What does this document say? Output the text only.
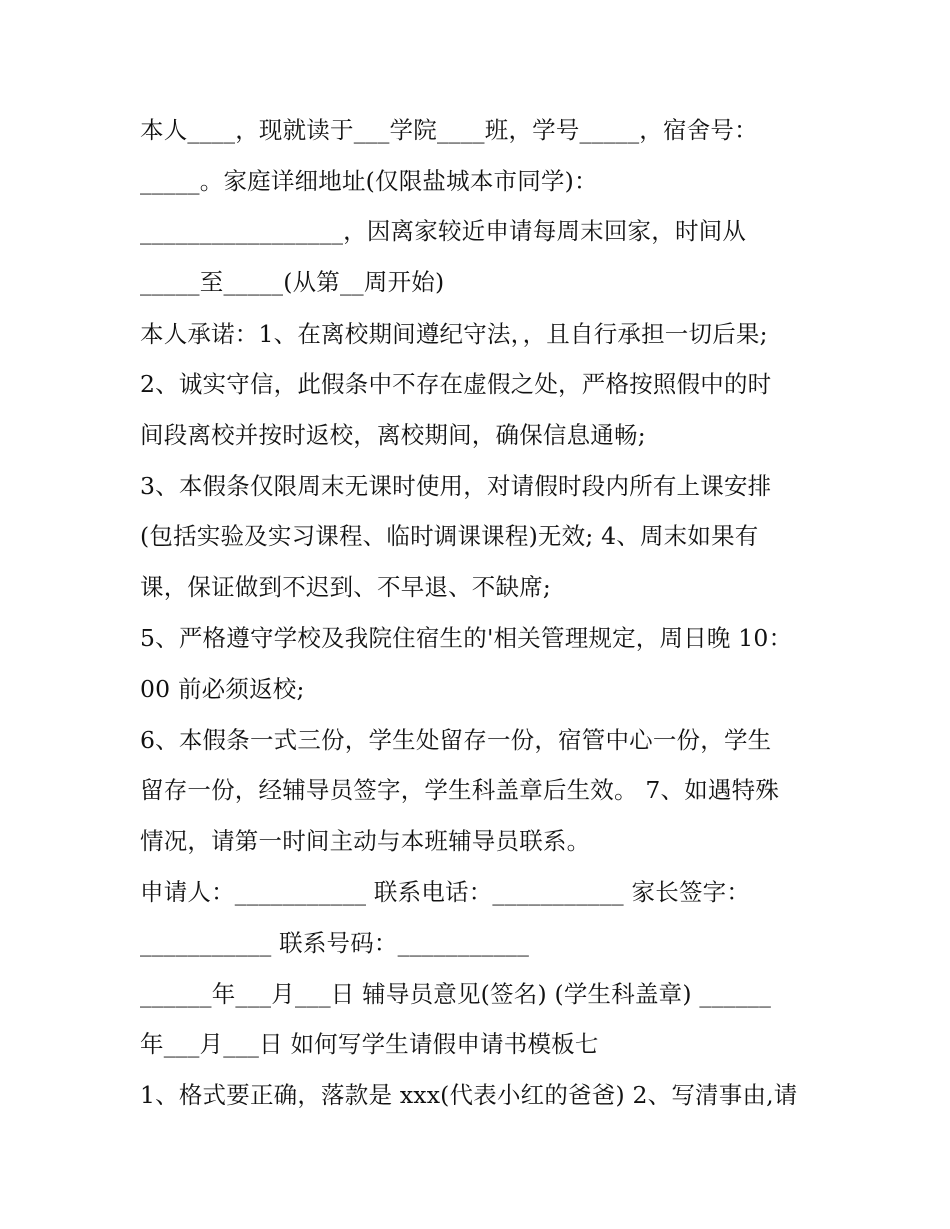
本人____，现就读于___学院____班，学号_____，宿舍号：
_____。家庭详细地址(仅限盐城本市同学)：
_________________，因离家较近申请每周末回家，时间从
_____至_____(从第__周开始)
本人承诺：1、在离校期间遵纪守法，，且自行承担一切后果;
2、诚实守信，此假条中不存在虚假之处，严格按照假中的时
间段离校并按时返校，离校期间，确保信息通畅;
3、本假条仅限周末无课时使用，对请假时段内所有上课安排
(包括实验及实习课程、临时调课课程)无效; 4、周末如果有
课，保证做到不迟到、不早退、不缺席;
5、严格遵守学校及我院住宿生的'相关管理规定，周日晚 10：
00 前必须返校;
6、本假条一式三份，学生处留存一份，宿管中心一份，学生
留存一份，经辅导员签字，学生科盖章后生效。 7、如遇特殊
情况，请第一时间主动与本班辅导员联系。
申请人：___________ 联系电话：___________ 家长签字：
___________ 联系号码：___________
______年___月___日 辅导员意见(签名) (学生科盖章) ______
年___月___日 如何写学生请假申请书模板七
1、格式要正确，落款是 xxx(代表小红的爸爸) 2、写清事由,请
